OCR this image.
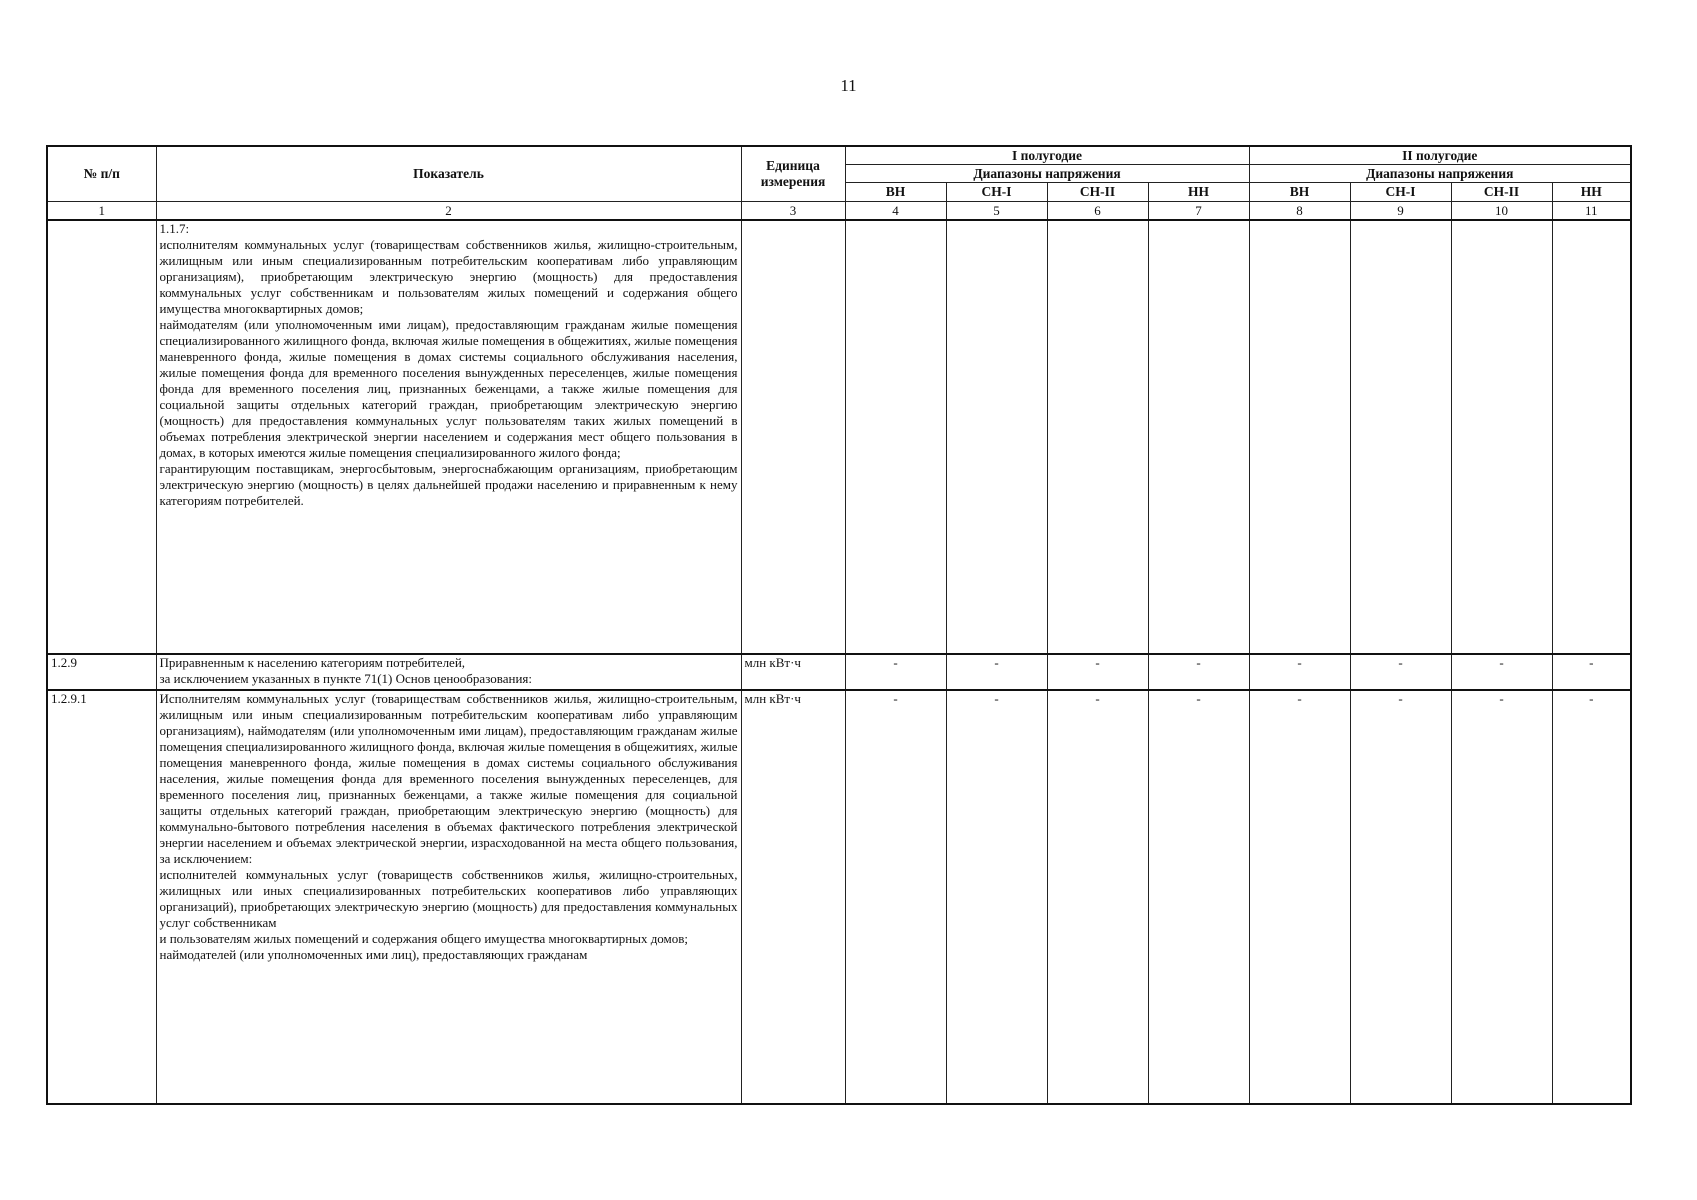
11
№ п/п	Показатель	Единица измерения	I полугодие				II полугодие			
			Диапазоны напряжения				Диапазоны напряжения			
			ВН	СН-I	СН-II	НН	ВН	СН-I	СН-II	НН
1	2	3	4	5	6	7	8	9	10	11

	1.1.7:

исполнителям коммунальных услуг (товариществам собственников жилья, жилищно-строительным, жилищным или иным специализированным потребительским кооперативам либо управляющим организациям), приобретающим электрическую энергию (мощность) для предоставления коммунальных услуг собственникам и пользователям жилых помещений и содержания общего имущества многоквартирных домов;

наймодателям (или уполномоченным ими лицам), предоставляющим гражданам жилые помещения специализированного жилищного фонда, включая жилые помещения в общежитиях, жилые помещения маневренного фонда, жилые помещения в домах системы социального обслуживания населения, жилые помещения фонда для временного поселения вынужденных переселенцев, жилые помещения фонда для временного поселения лиц, признанных беженцами, а также жилые помещения для социальной защиты отдельных категорий граждан, приобретающим электрическую энергию (мощность) для предоставления коммунальных услуг пользователям таких жилых помещений в объемах потребления электрической энергии населением и содержания мест общего пользования в домах, в которых имеются жилые помещения специализированного жилого фонда;

гарантирующим поставщикам, энергосбытовым, энергоснабжающим организациям, приобретающим электрическую энергию (мощность) в целях дальнейшей продажи населению и приравненным к нему категориям потребителей.									

1.2.9	Приравненным к населению категориям потребителей,

за исключением указанных в пункте 71(1) Основ ценообразования:	млн кВт·ч	-	-	-	-	-	-	-	-
1.2.9.1	Исполнителям коммунальных услуг (товариществам собственников жилья, жилищно-строительным, жилищным или иным специализированным потребительским кооперативам либо управляющим организациям), наймодателям (или уполномоченным ими лицам), предоставляющим гражданам жилые помещения специализированного жилищного фонда, включая жилые помещения в общежитиях, жилые помещения маневренного фонда, жилые помещения в домах системы социального обслуживания населения, жилые помещения фонда для временного поселения вынужденных переселенцев, для временного поселения лиц, признанных беженцами, а также жилые помещения для социальной защиты отдельных категорий граждан, приобретающим электрическую энергию (мощность) для коммунально-бытового потребления населения в объемах фактического потребления электрической энергии населением и объемах электрической энергии, израсходованной на места общего пользования, за исключением:

исполнителей коммунальных услуг (товариществ собственников жилья, жилищно-строительных, жилищных или иных специализированных потребительских кооперативов либо управляющих организаций), приобретающих электрическую энергию (мощность) для предоставления коммунальных услуг собственникам

и пользователям жилых помещений и содержания общего имущества многоквартирных домов;

наймодателей (или уполномоченных ими лиц), предоставляющих гражданам	млн кВт·ч	-	-	-	-	-	-	-	-
